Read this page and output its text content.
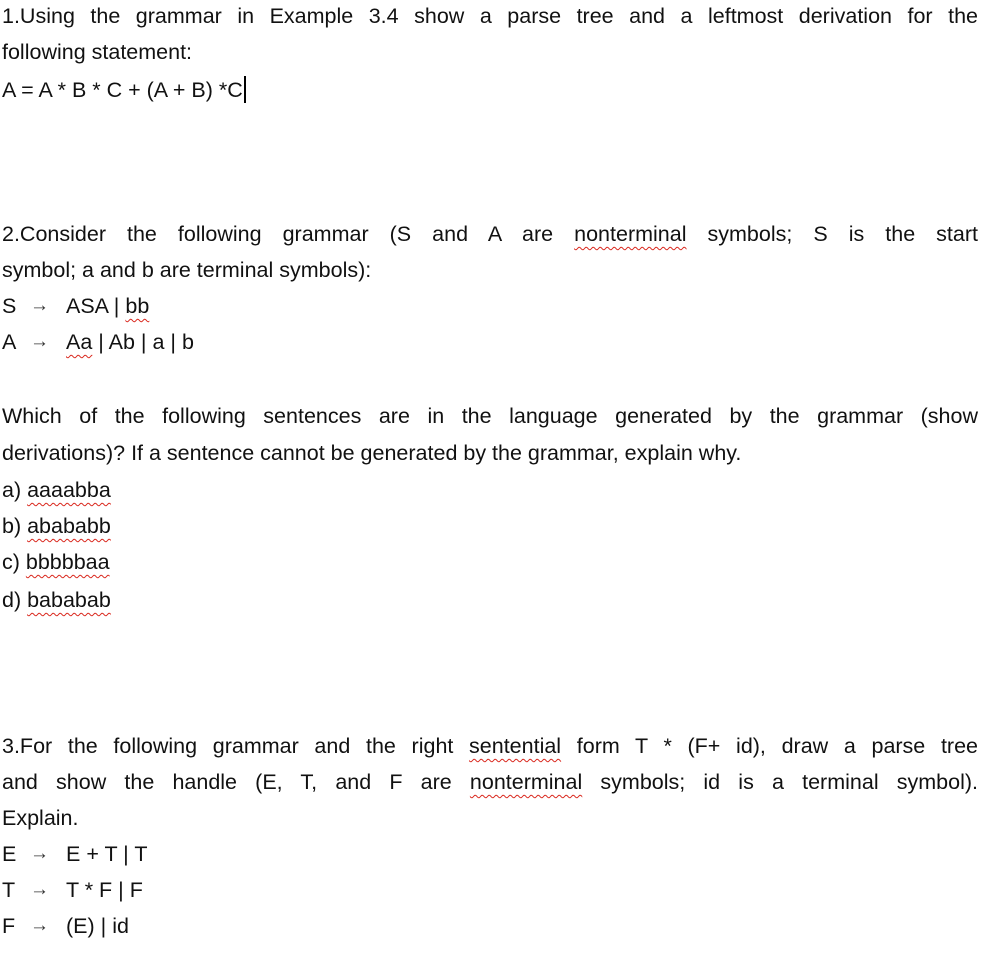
1.Using the grammar in Example 3.4 show a parse tree and a leftmost derivation for the
following statement:
A = A * B * C + (A + B) *C
2.Consider the following grammar (S and A are nonterminal symbols; S is the start
symbol; a and b are terminal symbols):
S → ASA | bb
A → Aa | Ab | a | b
Which of the following sentences are in the language generated by the grammar (show
derivations)? If a sentence cannot be generated by the grammar, explain why.
a) aaaabba
b) abababb
c) bbbbbaa
d) bababab
3.For the following grammar and the right sentential form T * (F+ id), draw a parse tree
and show the handle (E, T, and F are nonterminal symbols; id is a terminal symbol).
Explain.
E → E + T | T
T → T * F | F
F → (E) | id
